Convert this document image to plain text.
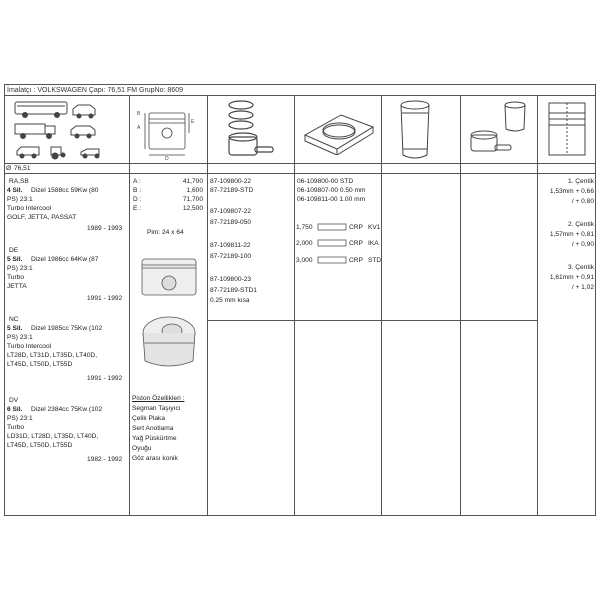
İmalatçı : VOLKSWAGEN Çapı: 76,51 FM GrupNo: 8609
B
A
E
D
Ø 76,51
RA,SB
4 Sil. Dizel 1588cc 59Kw (80
PS) 23:1
Turbo Intercool
GOLF, JETTA, PASSAT
1989 - 1993
DE
5 Sil. Dizel 1986cc 64Kw (87
PS) 23:1
Turbo
JETTA
1991 - 1992
NC
5 Sil. Dizel 1985cc 75Kw (102
PS) 23:1
Turbo Intercool
LT28D, LT31D, LT35D, LT40D,
LT45D, LT50D, LT55D
1991 - 1992
DV
6 Sil. Dizel 2384cc 75Kw (102
PS) 23:1
Turbo
LD31D, LT28D, LT35D, LT40D,
LT45D, LT50D, LT55D
1982 - 1992
A :	41,700
B :	1,600
D :	71,700
E :	12,500
Pim: 24 x 64
Piston Özellikleri :
Segman Taşıyıcı
Çelik Plaka
Sert Anotlama
Yağ Püskürtme
Oyuğu
Göz arası konik
87-109800-22
87-72189-STD
87-109807-22
87-72189-050
87-109811-22
87-72189-100
87-109800-23
87-72189-STD1
0.25 mm kısa
06-109800-00 STD
06-109807-00 0.50 mm
06-109811-00 1.00 mm
1,750	CRP KV1
2,000	CRP IKA
3,000	CRP STD
1. Çentik
1,53mm + 0,66
/ + 0,80
2. Çentik
1,57mm + 0,81
/ + 0,90
3. Çentik
1,61mm + 0,91
/ + 1,02
